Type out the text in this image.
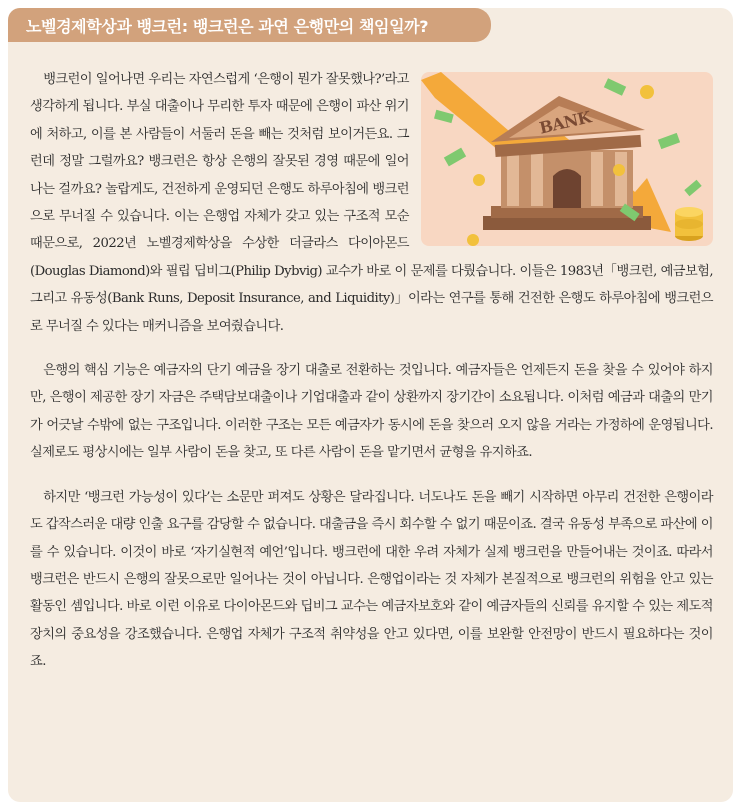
노벨경제학상과 뱅크런: 뱅크런은 과연 은행만의 책임일까?
BANK

뱅크런이 일어나면 우리는 자연스럽게 ‘은행이 뭔가 잘못했나?’라고 생각하게 됩니다. 부실 대출이나 무리한 투자 때문에 은행이 파산 위기에 처하고, 이를 본 사람들이 서둘러 돈을 빼는 것처럼 보이거든요. 그런데 정말 그럴까요? 뱅크런은 항상 은행의 잘못된 경영 때문에 일어나는 걸까요? 놀랍게도, 건전하게 운영되던 은행도 하루아침에 뱅크런으로 무너질 수 있습니다. 이는 은행업 자체가 갖고 있는 구조적 모순 때문으로, 2022년 노벨경제학상을 수상한 더글라스 다이아몬드(Douglas Diamond)와 필립 딥비그(Philip Dybvig) 교수가 바로 이 문제를 다뤘습니다. 이들은 1983년「뱅크런, 예금보험, 그리고 유동성(Bank Runs, Deposit Insurance, and Liquidity)」이라는 연구를 통해 건전한 은행도 하루아침에 뱅크런으로 무너질 수 있다는 매커니즘을 보여줬습니다.

은행의 핵심 기능은 예금자의 단기 예금을 장기 대출로 전환하는 것입니다. 예금자들은 언제든지 돈을 찾을 수 있어야 하지만, 은행이 제공한 장기 자금은 주택담보대출이나 기업대출과 같이 상환까지 장기간이 소요됩니다. 이처럼 예금과 대출의 만기가 어긋날 수밖에 없는 구조입니다. 이러한 구조는 모든 예금자가 동시에 돈을 찾으러 오지 않을 거라는 가정하에 운영됩니다. 실제로도 평상시에는 일부 사람이 돈을 찾고, 또 다른 사람이 돈을 맡기면서 균형을 유지하죠.

하지만 ‘뱅크런 가능성이 있다’는 소문만 퍼져도 상황은 달라집니다. 너도나도 돈을 빼기 시작하면 아무리 건전한 은행이라도 갑작스러운 대량 인출 요구를 감당할 수 없습니다. 대출금을 즉시 회수할 수 없기 때문이죠. 결국 유동성 부족으로 파산에 이를 수 있습니다. 이것이 바로 ‘자기실현적 예언’입니다. 뱅크런에 대한 우려 자체가 실제 뱅크런을 만들어내는 것이죠. 따라서 뱅크런은 반드시 은행의 잘못으로만 일어나는 것이 아닙니다. 은행업이라는 것 자체가 본질적으로 뱅크런의 위험을 안고 있는 활동인 셈입니다. 바로 이런 이유로 다이아몬드와 딥비그 교수는 예금자보호와 같이 예금자들의 신뢰를 유지할 수 있는 제도적 장치의 중요성을 강조했습니다. 은행업 자체가 구조적 취약성을 안고 있다면, 이를 보완할 안전망이 반드시 필요하다는 것이죠.
